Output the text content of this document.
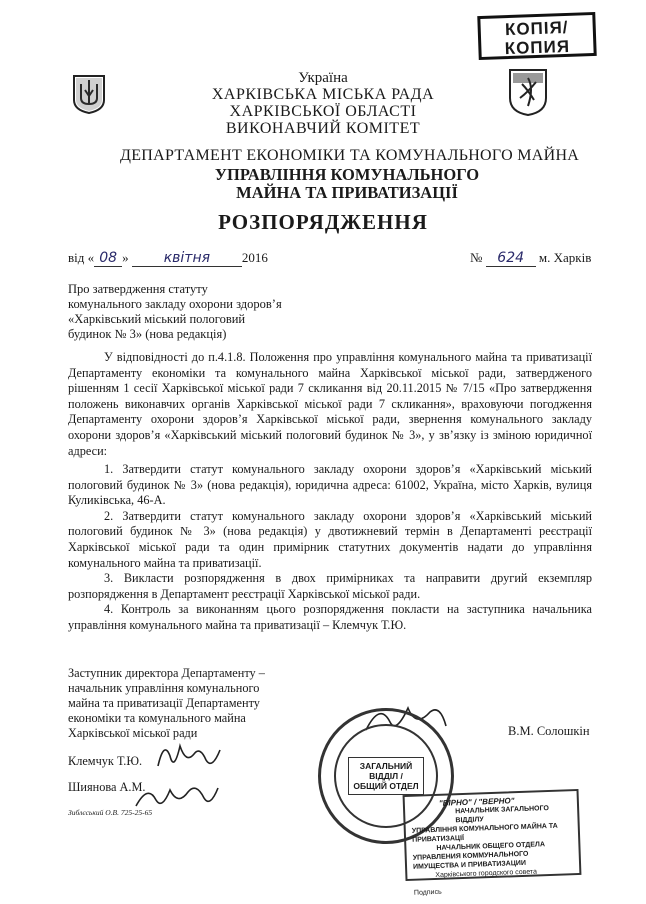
КОПІЯ/
КОПИЯ
Україна
ХАРКІВСЬКА МІСЬКА РАДА
ХАРКІВСЬКОЇ ОБЛАСТІ
ВИКОНАВЧИЙ КОМІТЕТ
ДЕПАРТАМЕНТ ЕКОНОМІКИ ТА КОМУНАЛЬНОГО МАЙНА
УПРАВЛІННЯ КОМУНАЛЬНОГО МАЙНА ТА ПРИВАТИЗАЦІЇ
РОЗПОРЯДЖЕННЯ
від « 08 »	квітня 2016	№ 624 м. Харків
Про затвердження статуту
комунального закладу охорони здоров’я
«Харківський міський пологовий
будинок № 3» (нова редакція)

У відповідності до п.4.1.8. Положення про управління комунального майна та приватизації Департаменту економіки та комунального майна Харківської міської ради, затвердженого рішенням 1 сесії Харківської міської ради 7 скликання від 20.11.2015 № 7/15 «Про затвердження положень виконавчих органів Харківської міської ради 7 скликання», враховуючи погодження Департаменту охорони здоров’я Харківської міської ради, звернення комунального закладу охорони здоров’я «Харківський міський пологовий будинок № 3», у зв’язку із зміною юридичної адреси:

1. Затвердити статут комунального закладу охорони здоров’я «Харківський міський пологовий будинок № 3» (нова редакція), юридична адреса: 61002, Україна, місто Харків, вулиця Куликівська, 46-А.

2. Затвердити статут комунального закладу охорони здоров’я «Харківський міський пологовий будинок № 3» (нова редакція) у двотижневий термін в Департаменті реєстрації Харківської міської ради та один примірник статутних документів надати до управління комунального майна та приватизації.

3. Викласти розпорядження в двох примірниках та направити другий екземпляр розпорядження в Департамент реєстрації Харківської міської ради.

4. Контроль за виконанням цього розпорядження покласти на заступника начальника управління комунального майна та приватизації – Клемчук Т.Ю.

Заступник директора Департаменту –
начальник управління комунального
майна та приватизації Департаменту
економіки та комунального майна
Харківської міської ради	В.М. Солошкін
Клемчук Т.Ю.
Шиянова А.М.
Зиблєський О.В. 725-25-65
ЗАГАЛЬНИЙ
ВІДДІЛ /
ОБЩИЙ ОТДЕЛ
"ВІРНО" / "ВЕРНО"
НАЧАЛЬНИК ЗАГАЛЬНОГО ВІДДІЛУ
УПРАВЛІННЯ КОМУНАЛЬНОГО МАЙНА ТА ПРИВАТИЗАЦІЇ
НАЧАЛЬНИК ОБЩЕГО ОТДЕЛА
УПРАВЛЕНИЯ КОММУНАЛЬНОГО ИМУЩЕСТВА И ПРИВАТИЗАЦИИ
Харківського городского совета
Подпись
